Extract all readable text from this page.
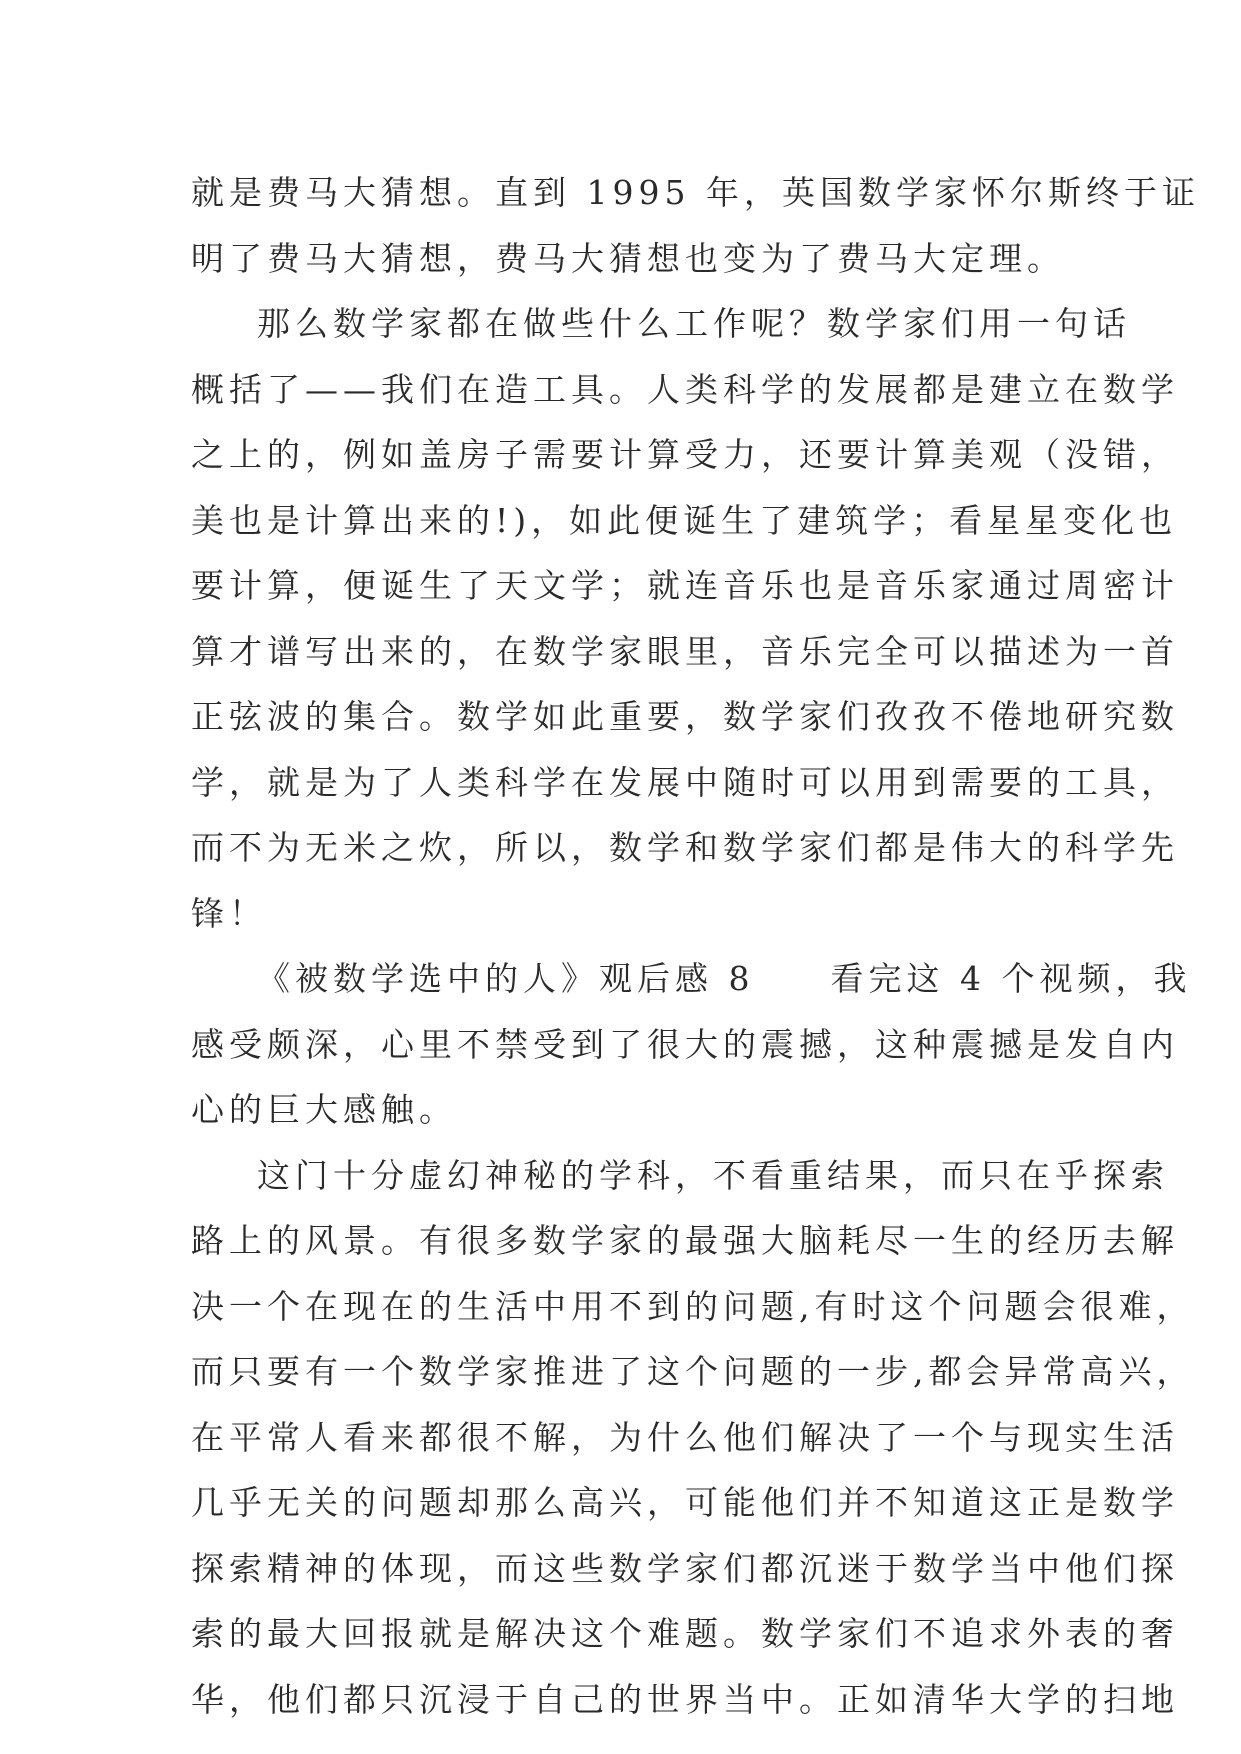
就是费马大猜想。直到 1995 年，英国数学家怀尔斯终于证
明了费马大猜想，费马大猜想也变为了费马大定理。
那么数学家都在做些什么工作呢？数学家们用一句话
概括了——我们在造工具。人类科学的发展都是建立在数学
之上的，例如盖房子需要计算受力，还要计算美观（没错，
美也是计算出来的!)，如此便诞生了建筑学；看星星变化也
要计算，便诞生了天文学；就连音乐也是音乐家通过周密计
算才谱写出来的，在数学家眼里，音乐完全可以描述为一首
正弦波的集合。数学如此重要，数学家们孜孜不倦地研究数
学，就是为了人类科学在发展中随时可以用到需要的工具，
而不为无米之炊，所以，数学和数学家们都是伟大的科学先
锋！
《被数学选中的人》观后感 8　　看完这 4 个视频，我
感受颇深，心里不禁受到了很大的震撼，这种震撼是发自内
心的巨大感触。
这门十分虚幻神秘的学科，不看重结果，而只在乎探索
路上的风景。有很多数学家的最强大脑耗尽一生的经历去解
决一个在现在的生活中用不到的问题,有时这个问题会很难，
而只要有一个数学家推进了这个问题的一步,都会异常高兴，
在平常人看来都很不解，为什么他们解决了一个与现实生活
几乎无关的问题却那么高兴，可能他们并不知道这正是数学
探索精神的体现，而这些数学家们都沉迷于数学当中他们探
索的最大回报就是解决这个难题。数学家们不追求外表的奢
华，他们都只沉浸于自己的世界当中。正如清华大学的扫地
